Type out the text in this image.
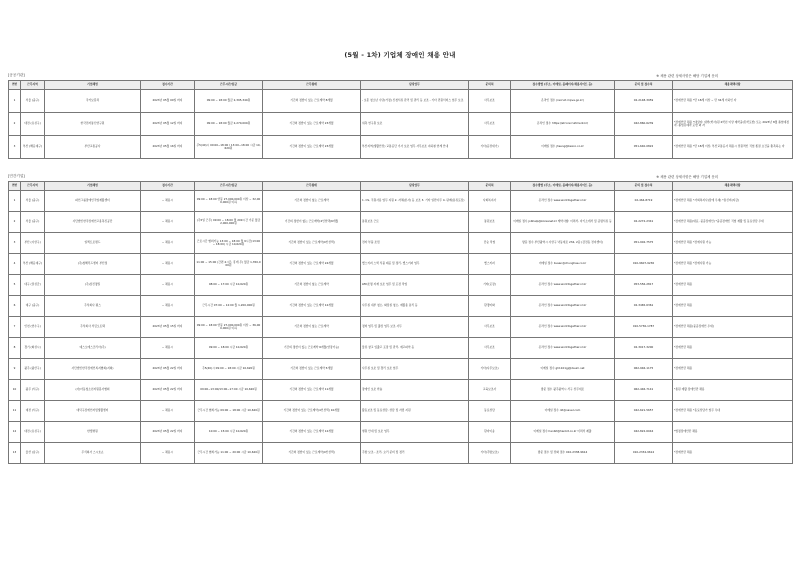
(5월 - 1차) 기업체 장애인 채용 안내
[공공기관]	※ 채용 관련 상세사항은 해당 기업체 문의
연번	근무지역	기업체명	접수기간	근무시간/임금	근무형태	담당업무	문의처	접수방법 (주소, 이메일, 홈페이지/채용사이트 등)	문의 및 접수처	채용혜택사항
1	서울 (중구)	국가보훈처	2023년 05월 09일 까지	09:00 ~ 18:00 월급 2,395,340원	기간의 정함이 있는 근로계약 8개월	- 보훈 청소년 수당(가정) 신청서류 관리 및 관리 등 보조 - 기타 민원서비스 업무 보조	사무보조	온라인 접수 (recruit.mpva.go.kr)	02-2148-3959	*장애인만 채용 *만 18세 이상 ~ 만 34세 이하인 자
2	대전 (유성구)	한국전자통신연구원	2023년 05월 12일 까지	09:00 ~ 18:00 월급 2,270,000원	기간의 정함이 있는 근로계약 23개월	위촉 연구원 보조	사무보조	온라인 접수 https://etri.recruitment.kr/	042-860-6239	*장애인만 채용 *대상자: 대학(학사)원 2학년 이상 재학중(휴학포함) 또는 2023년 8월 졸업예정자, 졸업유예자 포함 외 자
3	부산 (해운대구)	부산교통공사	2023년 05월 16일 까지	주5(40)시 09:00~18:00 / 13:00~18:00 시급 10,620원	기간의 정함이 있는 근로계약 23개월	부산지역(생활안전) 교통공단 기사 보조 업무 사무보조 지하철 연계 안내	기타(운전대기)	이메일 접수 jhseng@bexco.co.kr	051-640-0822	*장애인만 채용 *만 18세 이상, 부산교통공사 채용시 전원적인 직업 종결 요건을 충족하는 자
[민간기업]	※ 채용 관련 상세사항은 해당 기업체 문의
연번	근무지역	기업체명	접수기간	근무시간/임금	근무형태	담당업무	문의처	접수방법 (주소, 이메일, 홈페이지/채용사이트 등)	문의 및 접수처	채용혜택사항
1	서울 (중구)	파인그룹장애인직업재활센터	~ 채용시	09:00 ~ 18:00 연봉 27,000,000원 이상 ~ 32,000,000원 이하	기간의 정함이 없는 근로계약	1. CS, 직원사용 업무 지원 2. 자체(본사) 등 보조 3. 기타 일반사무 4. 판매(분류포장)	사회복지사	온라인 접수 www.worktogether.or.kr	02-464-8719	*장애인만 채용 *사회복지사(장애 우대) *통신비(지급)
2	서울 (중구)	사단법인한국장애인고용촉진공단	~ 채용시	(주5일 근무) 09:00 ~ 18:00 월 209시간 기준 월급 2,000,000원	기간의 정함이 없는 근로계약(4인선택)6개월	통원보조 근로	통원보조	이메일 접수 jobhelp@koreanet.kr 계약사항: 이력서, 자기소개서 및 증명서류 등	02-2272-2341	*장애인만 채용(대표, 중증장애인) *중증장애인 직업 재활 및 동료상담 우대
3	부산 (사상구)	일렉트로랜드	~ 채용시	근로시간 협의가능 13:00 ~ 18:00 월 9시간(13:00 ~ 18:00) 시급 10,620원	기간의 정함이 있는 근로계약(4인선택)	전자 부품 조립	단순 작업	방문 접수 부산광역시 사상구 낙동대로 234, 2층 (감전동 전자센터)	051-902-7575	*장애인만 채용 *장애사원 가능
4	부산 (해운대구)	(주)청해푸드센터 부산점	~ 채용시	11:00 ~ 15:00 (간편 4시간, 휴게 무) 월급 1,350,000원	기간의 정함이 있는 근로계약 24개월	헬스키퍼 스낵 식품 제공 및 정리, 헬스키퍼 업무	헬스키퍼	이메일 접수 busan@chunghae.co.kr	010-9607-9236	*장애인만 채용 *장애사원 가능
5	대구 (달성군)	(주)삼진정밀	~ 채용시	08:00 ~ 17:00 시급 10,620원	기간의 정함이 없는 근로계약	LED조명 자재 보조 업무 및 포장 작업	기타(포장)	온라인 접수 www.worktogether.or.kr	053-556-2817	*장애인만 채용
6	대구 (중구)	주식회사 펄스	~ 채용시	근무시간 07:00 ~ 12:00 월 1,200,000원	기간의 정함이 있는 근로계약 12개월	사무실 내부 청소, 화장실 청소, 재활용 분리 등	환경미화	온라인 접수 www.worktogether.or.kr	02-3465-6361	*장애인만 채용
7	인천 (연수구)	주식회사 서림오토텍	2023년 05월 15일 까지	09:00 ~ 18:00 연봉 27,000,000원 이상 ~ 36,000,000원 이하	기간의 정함이 없는 근로계약	정비 업무 및 출장 업무 보조 사무	사무보조	온라인 접수 www.worktogether.or.kr	010-5736-1787	*장애인만 채용(중증장애인 우대)
8	경기 (화성시)	예스오에스코리아(주)	~ 채용시	09:00 ~ 18:00 시급 10,620원	기간의 정함이 있는 근로계약 6개월(연장가능)	물류 창고 입출고 포장 및 관리, 재고파악 등	사무보조	온라인 접수 www.worktogether.or.kr	02-3017-3200	*장애인만 채용
9	광주 (광산구)	사단법인한국장애인복지협회(지회)	2023년 05월 22일 까지	주5(40)시 09:00 ~ 18:00 시급 10,620원	기간의 정함이 있는 근로계약 5개월	사무실 보조 및 경리 보조 업무	기타(사무보조)	이메일 접수 gh1101gj@daum.net	062-946-1175	*장애인만 채용
10	광주 (서구)	(사)아동청소년자원봉사협회	2023년 05월 22일 까지	09:00~13:00/13:00~17:00 시급 10,620원	기간의 정함이 있는 근로계약 11개월	장애인 보조 학습	교육보조사	방문 접수 광주광역시 서구 상무대로	062-446-7141	*통원 재활 장애인만 채용
11	대전 (서구)	대덕구장애인자립생활센터	~ 채용시	근무시간 협의가능 09:00 ~ 18:00 시급 10,620원	기간의 정함이 있는 근로계약(4인선택) 10개월	활동보조 및 동료상담, 상담 및 자립 지원	동료상담	이메일 접수 dd@naver.com	042-621-5657	*장애인만 채용 *동료상담가 업무 우대
12	대전 (유성구)	한빛병원	2023년 05월 22일 까지	10:00 ~ 15:00 시급 10,620원	기간의 정함이 있는 근로계약 12개월	병원 안내 및 보조 업무	환자이송	이메일 접수 hanbit@hanbit.co.kr 이력서 제출	042-822-6044	*법정장애인만 채용
13	울산 (남구)	주식회사 스시호쇼	~ 채용시	근무시간 협의가능 11:00 ~ 20:00 시급 10,620원	기간의 정함이 있는 근로계약(4인선택)	주방 보조 - 조리, 요리 준비 및 정리	기타(주방보조)	방문 접수 및 전화 접수 010-2338-9614	010-2334-9614	*장애인만 채용
